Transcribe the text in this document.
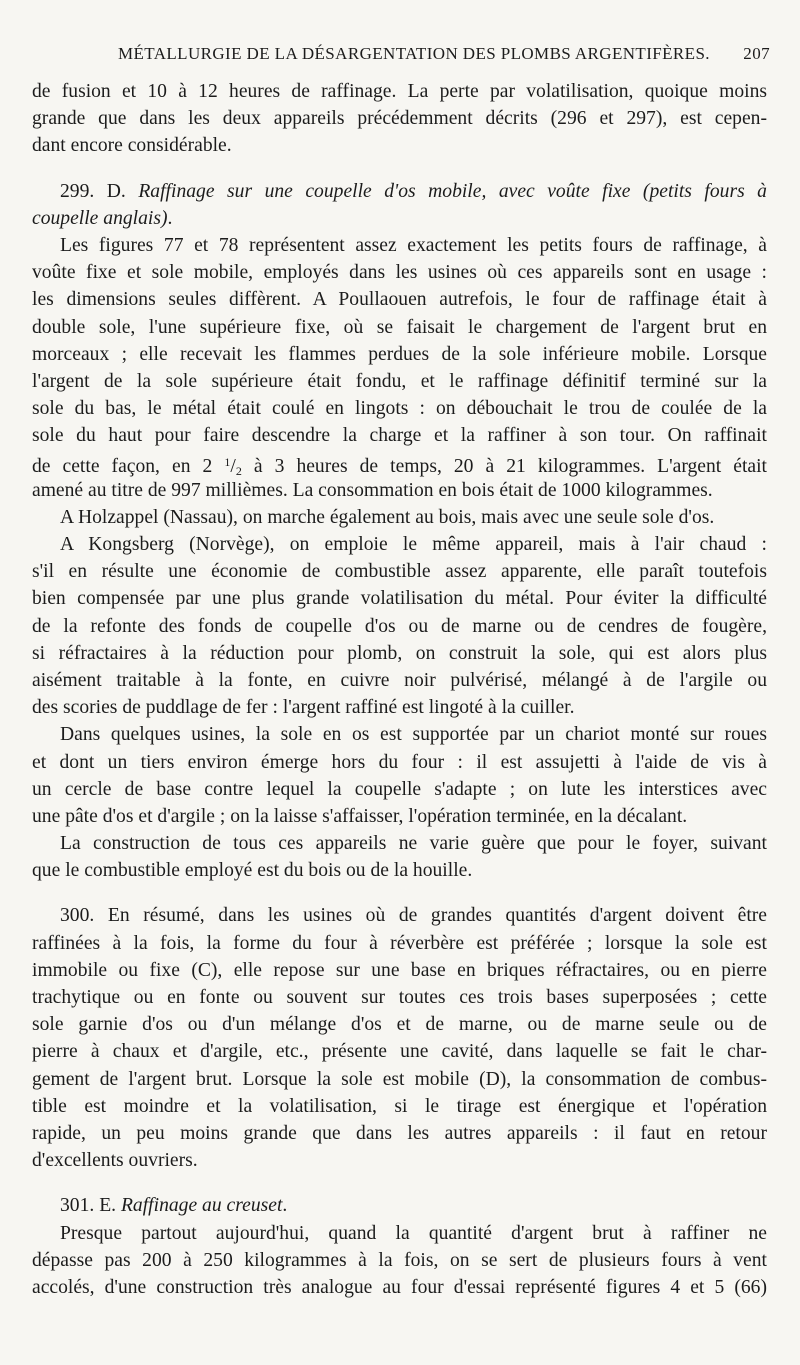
MÉTALLURGIE DE LA DÉSARGENTATION DES PLOMBS ARGENTIFÈRES. 207
de fusion et 10 à 12 heures de raffinage. La perte par volatilisation, quoique moins
grande que dans les deux appareils précédemment décrits (296 et 297), est cepen-
dant encore considérable.
299. D. Raffinage sur une coupelle d'os mobile, avec voûte fixe (petits fours à
coupelle anglais).
Les figures 77 et 78 représentent assez exactement les petits fours de raffinage, à
voûte fixe et sole mobile, employés dans les usines où ces appareils sont en usage :
les dimensions seules diffèrent. A Poullaouen autrefois, le four de raffinage était à
double sole, l'une supérieure fixe, où se faisait le chargement de l'argent brut en
morceaux ; elle recevait les flammes perdues de la sole inférieure mobile. Lorsque
l'argent de la sole supérieure était fondu, et le raffinage définitif terminé sur la
sole du bas, le métal était coulé en lingots : on débouchait le trou de coulée de la
sole du haut pour faire descendre la charge et la raffiner à son tour. On raffinait
de cette façon, en 2 $^1/_2$ à 3 heures de temps, 20 à 21 kilogrammes. L'argent était
amené au titre de 997 millièmes. La consommation en bois était de 1000 kilogrammes.
A Holzappel (Nassau), on marche également au bois, mais avec une seule sole d'os.
A Kongsberg (Norvège), on emploie le même appareil, mais à l'air chaud :
s'il en résulte une économie de combustible assez apparente, elle paraît toutefois
bien compensée par une plus grande volatilisation du métal. Pour éviter la difficulté
de la refonte des fonds de coupelle d'os ou de marne ou de cendres de fougère,
si réfractaires à la réduction pour plomb, on construit la sole, qui est alors plus
aisément traitable à la fonte, en cuivre noir pulvérisé, mélangé à de l'argile ou
des scories de puddlage de fer : l'argent raffiné est lingoté à la cuiller.
Dans quelques usines, la sole en os est supportée par un chariot monté sur roues
et dont un tiers environ émerge hors du four : il est assujetti à l'aide de vis à
un cercle de base contre lequel la coupelle s'adapte ; on lute les interstices avec
une pâte d'os et d'argile ; on la laisse s'affaisser, l'opération terminée, en la décalant.
La construction de tous ces appareils ne varie guère que pour le foyer, suivant
que le combustible employé est du bois ou de la houille.
300. En résumé, dans les usines où de grandes quantités d'argent doivent être
raffinées à la fois, la forme du four à réverbère est préférée ; lorsque la sole est
immobile ou fixe (C), elle repose sur une base en briques réfractaires, ou en pierre
trachytique ou en fonte ou souvent sur toutes ces trois bases superposées ; cette
sole garnie d'os ou d'un mélange d'os et de marne, ou de marne seule ou de
pierre à chaux et d'argile, etc., présente une cavité, dans laquelle se fait le char-
gement de l'argent brut. Lorsque la sole est mobile (D), la consommation de combus-
tible est moindre et la volatilisation, si le tirage est énergique et l'opération
rapide, un peu moins grande que dans les autres appareils : il faut en retour
d'excellents ouvriers.
301. E. Raffinage au creuset.
Presque partout aujourd'hui, quand la quantité d'argent brut à raffiner ne
dépasse pas 200 à 250 kilogrammes à la fois, on se sert de plusieurs fours à vent
accolés, d'une construction très analogue au four d'essai représenté figures 4 et 5 (66)
